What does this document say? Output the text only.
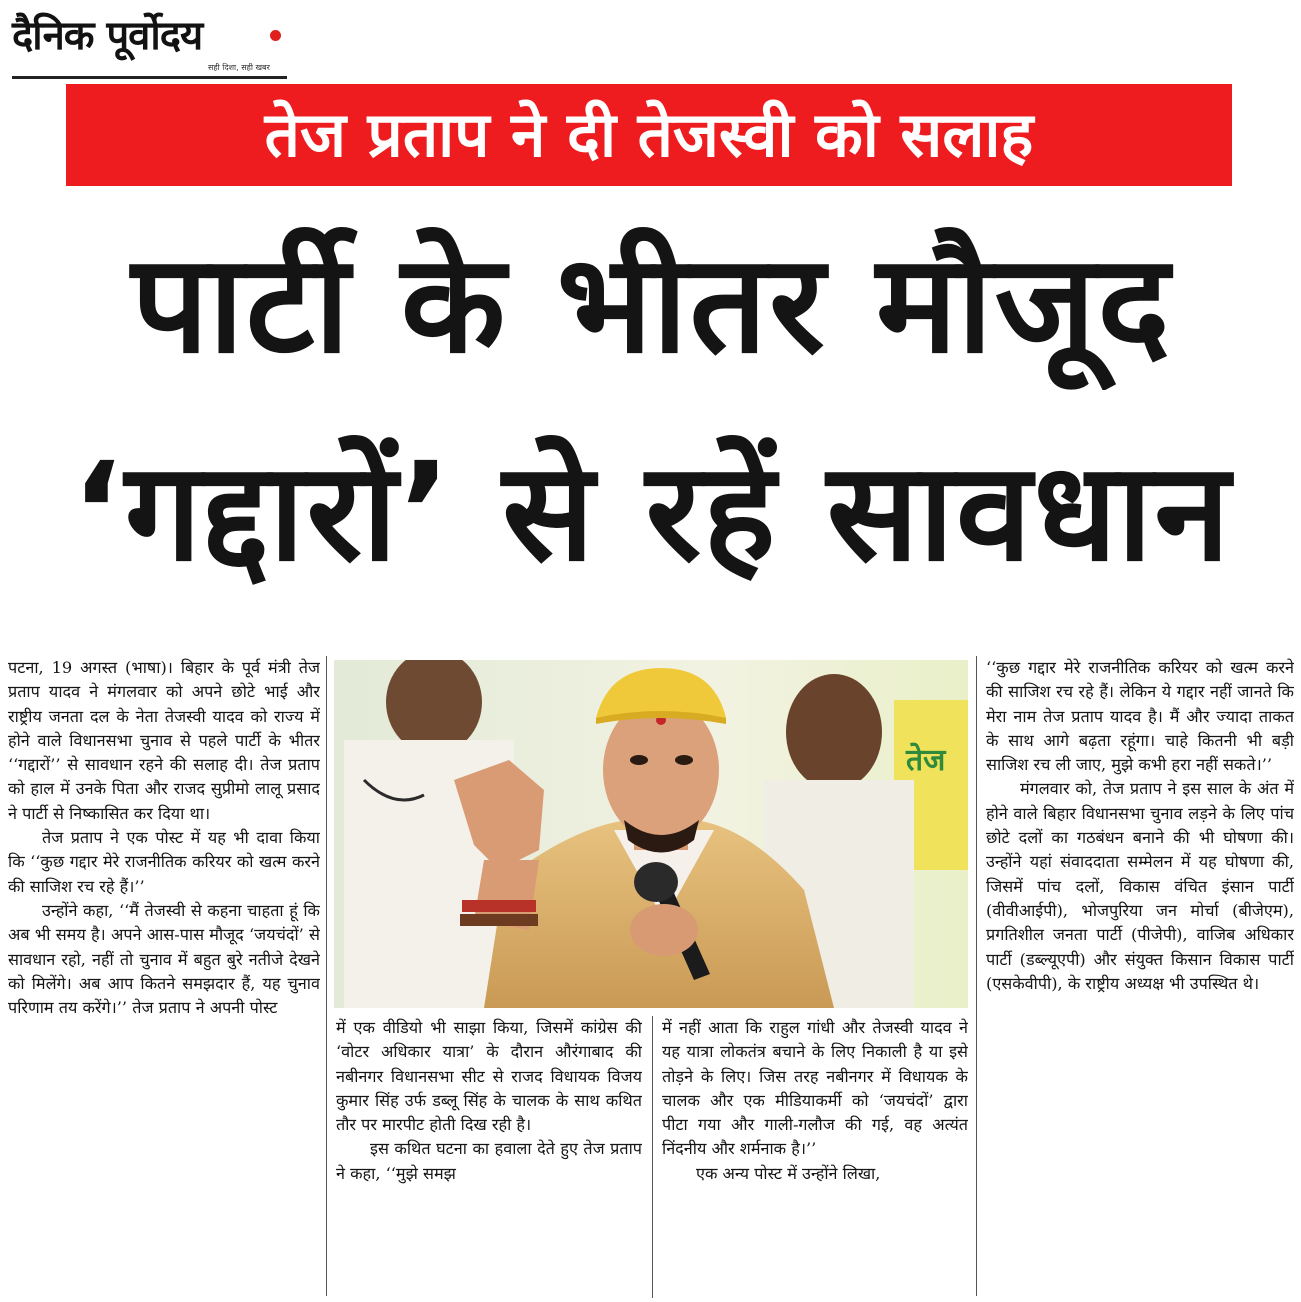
दैनिक पूर्वोदय
सही दिशा, सही खबर
तेज प्रताप ने दी तेजस्वी को सलाह
पार्टी के भीतर मौजूद
‘गद्दारों’ से रहें सावधान

पटना, 19 अगस्त (भाषा)। बिहार के पूर्व मंत्री तेज प्रताप यादव ने मंगलवार को अपने छोटे भाई और राष्ट्रीय जनता दल के नेता तेजस्वी यादव को राज्य में होने वाले विधानसभा चुनाव से पहले पार्टी के भीतर ‘‘गद्दारों’’ से सावधान रहने की सलाह दी। तेज प्रताप को हाल में उनके पिता और राजद सुप्रीमो लालू प्रसाद ने पार्टी से निष्कासित कर दिया था।

तेज प्रताप ने एक पोस्ट में यह भी दावा किया कि ‘‘कुछ गद्दार मेरे राजनीतिक करियर को खत्म करने की साजिश रच रहे हैं।’’

उन्होंने कहा, ‘‘मैं तेजस्वी से कहना चाहता हूं कि अब भी समय है। अपने आस-पास मौजूद ‘जयचंदों’ से सावधान रहो, नहीं तो चुनाव में बहुत बुरे नतीजे देखने को मिलेंगे। अब आप कितने समझदार हैं, यह चुनाव परिणाम तय करेंगे।’’ तेज प्रताप ने अपनी पोस्ट

तेज

में एक वीडियो भी साझा किया, जिसमें कांग्रेस की ‘वोटर अधिकार यात्रा’ के दौरान औरंगाबाद की नबीनगर विधानसभा सीट से राजद विधायक विजय कुमार सिंह उर्फ डब्लू सिंह के चालक के साथ कथित तौर पर मारपीट होती दिख रही है।

इस कथित घटना का हवाला देते हुए तेज प्रताप ने कहा, ‘‘मुझे समझ

में नहीं आता कि राहुल गांधी और तेजस्वी यादव ने यह यात्रा लोकतंत्र बचाने के लिए निकाली है या इसे तोड़ने के लिए। जिस तरह नबीनगर में विधायक के चालक और एक मीडियाकर्मी को ‘जयचंदों’ द्वारा पीटा गया और गाली-गलौज की गई, वह अत्यंत निंदनीय और शर्मनाक है।’’

एक अन्य पोस्ट में उन्होंने लिखा,

‘‘कुछ गद्दार मेरे राजनीतिक करियर को खत्म करने की साजिश रच रहे हैं। लेकिन ये गद्दार नहीं जानते कि मेरा नाम तेज प्रताप यादव है। मैं और ज्यादा ताकत के साथ आगे बढ़ता रहूंगा। चाहे कितनी भी बड़ी साजिश रच ली जाए, मुझे कभी हरा नहीं सकते।’’

मंगलवार को, तेज प्रताप ने इस साल के अंत में होने वाले बिहार विधानसभा चुनाव लड़ने के लिए पांच छोटे दलों का गठबंधन बनाने की भी घोषणा की। उन्होंने यहां संवाददाता सम्मेलन में यह घोषणा की, जिसमें पांच दलों, विकास वंचित इंसान पार्टी (वीवीआईपी), भोजपुरिया जन मोर्चा (बीजेएम), प्रगतिशील जनता पार्टी (पीजेपी), वाजिब अधिकार पार्टी (डब्ल्यूएपी) और संयुक्त किसान विकास पार्टी (एसकेवीपी), के राष्ट्रीय अध्यक्ष भी उपस्थित थे।
